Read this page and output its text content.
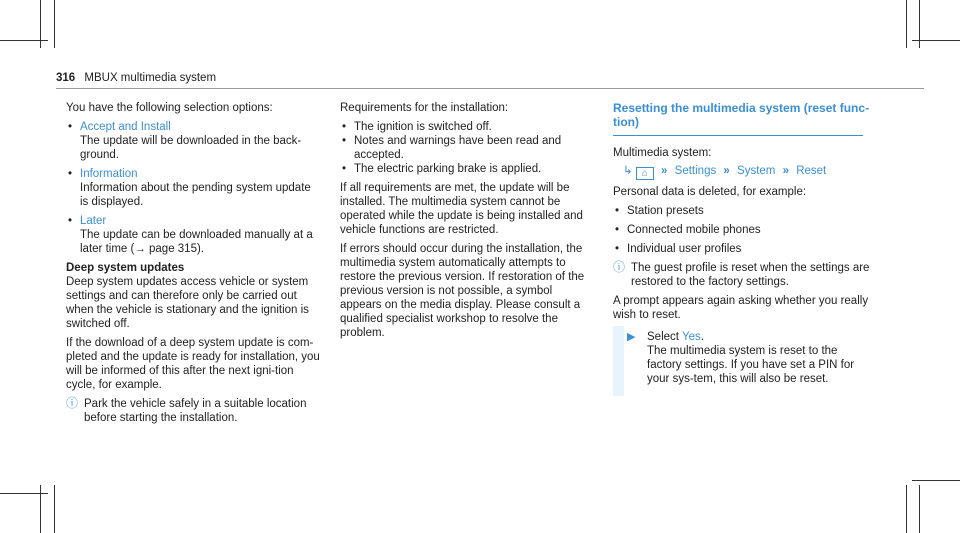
316 MBUX multimedia system

You have the following selection options:

• Accept and Install

The update will be downloaded in the back-ground.

• Information

Information about the pending system update is displayed.

• Later

The update can be downloaded manually at a later time (→ page 315).

Deep system updates

Deep system updates access vehicle or system settings and can therefore only be carried out when the vehicle is stationary and the ignition is switched off.

If the download of a deep system update is com-pleted and the update is ready for installation, you will be informed of this after the next igni-tion cycle, for example.

ⓘ Park the vehicle safely in a suitable location before starting the installation.

Requirements for the installation:

• The ignition is switched off.
• Notes and warnings have been read and accepted.
• The electric parking brake is applied.

If all requirements are met, the update will be installed. The multimedia system cannot be operated while the update is being installed and vehicle functions are restricted.

If errors should occur during the installation, the multimedia system automatically attempts to restore the previous version. If restoration of the previous version is not possible, a symbol appears on the media display. Please consult a qualified specialist workshop to resolve the problem.

Resetting the multimedia system (reset func-tion)

Multimedia system:

↳ ⌂ » Settings » System » Reset

Personal data is deleted, for example:

• Station presets
• Connected mobile phones
• Individual user profiles
ⓘ The guest profile is reset when the settings are restored to the factory settings.

A prompt appears again asking whether you really wish to reset.

▶	Select Yes.

The multimedia system is reset to the factory settings. If you have set a PIN for your sys-tem, this will also be reset.
